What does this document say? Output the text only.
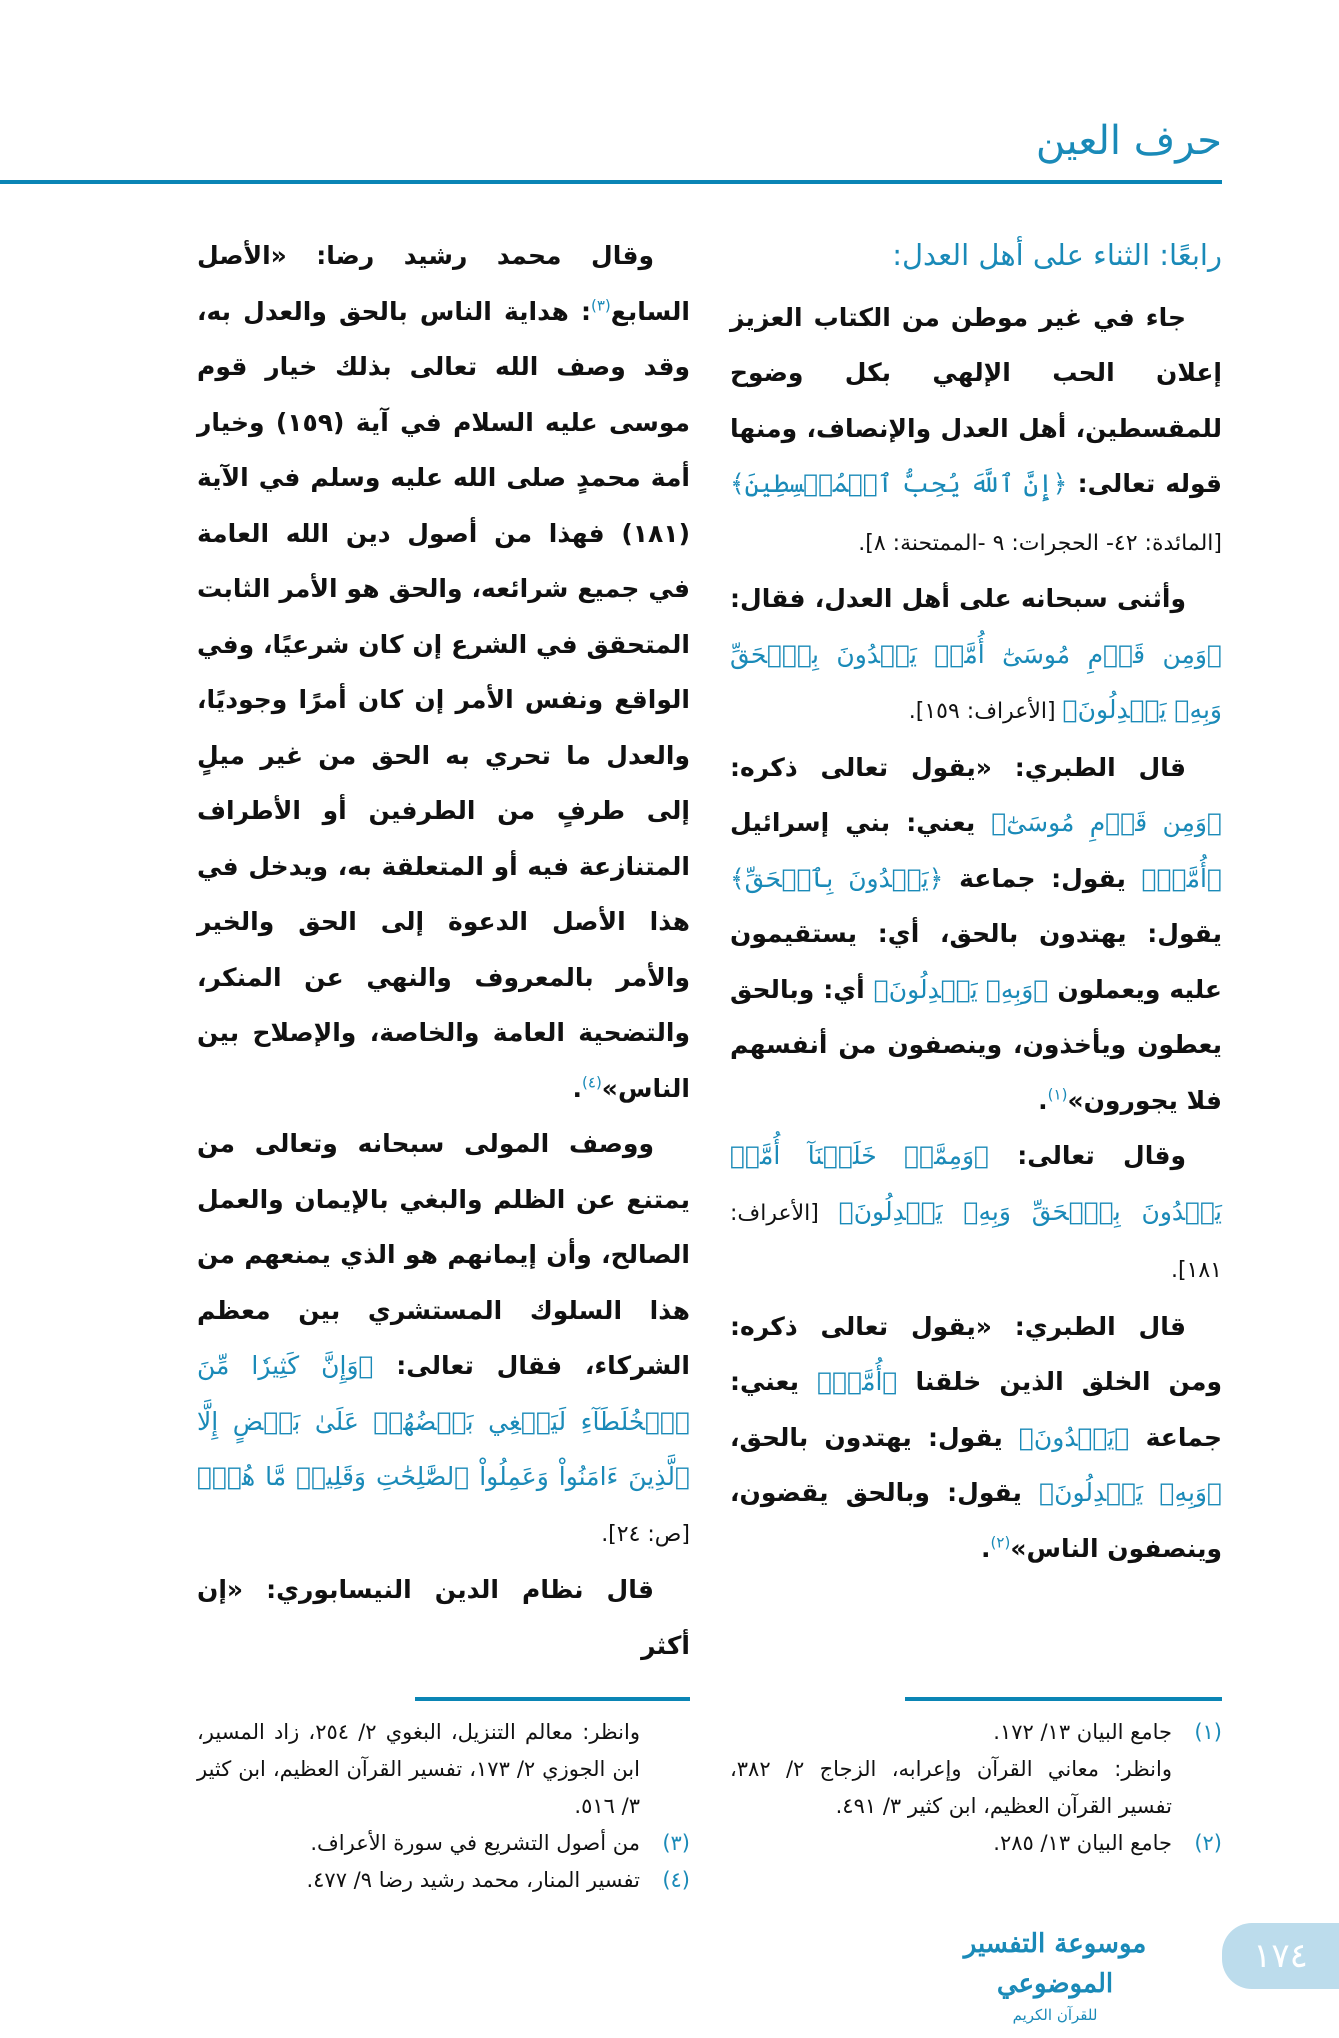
حرف العين

رابعًا: الثناء على أهل العدل:

جاء في غير موطن من الكتاب العزيز إعلان الحب الإلهي بكل وضوح للمقسطين، أهل العدل والإنصاف، ومنها قوله تعالى: ﴿إِنَّ ٱللَّهَ يُحِبُّ ٱلۡمُقۡسِطِينَ﴾ [المائدة: ٤٢- الحجرات: ٩ -الممتحنة: ٨].

وأثنى سبحانه على أهل العدل، فقال: ﴿وَمِن قَوۡمِ مُوسَىٰٓ أُمَّةٞ يَهۡدُونَ بِٱلۡحَقِّ وَبِهِۦ يَعۡدِلُونَ﴾ [الأعراف: ١٥٩].

قال الطبري: «يقول تعالى ذكره: ﴿وَمِن قَوۡمِ مُوسَىٰٓ﴾ يعني: بني إسرائيل ﴿أُمَّةٞ﴾ يقول: جماعة ﴿يَهۡدُونَ بِٱلۡحَقِّ﴾ يقول: يهتدون بالحق، أي: يستقيمون عليه ويعملون ﴿وَبِهِۦ يَعۡدِلُونَ﴾ أي: وبالحق يعطون ويأخذون، وينصفون من أنفسهم فلا يجورون»$^{(١)}$.

وقال تعالى: ﴿وَمِمَّنۡ خَلَقۡنَآ أُمَّةٞ يَهۡدُونَ بِٱلۡحَقِّ وَبِهِۦ يَعۡدِلُونَ﴾ [الأعراف: ١٨١].

قال الطبري: «يقول تعالى ذكره: ومن الخلق الذين خلقنا ﴿أُمَّةٞ﴾ يعني: جماعة ﴿يَهۡدُونَ﴾ يقول: يهتدون بالحق، ﴿وَبِهِۦ يَعۡدِلُونَ﴾ يقول: وبالحق يقضون، وينصفون الناس»$^{(٢)}$.

وقال محمد رشيد رضا: «الأصل السابع$^{(٣)}$: هداية الناس بالحق والعدل به، وقد وصف الله تعالى بذلك خيار قوم موسى عليه السلام في آية (١٥٩) وخيار أمة محمدٍ صلى الله عليه وسلم في الآية (١٨١) فهذا من أصول دين الله العامة في جميع شرائعه، والحق هو الأمر الثابت المتحقق في الشرع إن كان شرعيًا، وفي الواقع ونفس الأمر إن كان أمرًا وجوديًا، والعدل ما تحري به الحق من غير ميلٍ إلى طرفٍ من الطرفين أو الأطراف المتنازعة فيه أو المتعلقة به، ويدخل في هذا الأصل الدعوة إلى الحق والخير والأمر بالمعروف والنهي عن المنكر، والتضحية العامة والخاصة، والإصلاح بين الناس»$^{(٤)}$.

ووصف المولى سبحانه وتعالى من يمتنع عن الظلم والبغي بالإيمان والعمل الصالح، وأن إيمانهم هو الذي يمنعهم من هذا السلوك المستشري بين معظم الشركاء، فقال تعالى: ﴿وَإِنَّ كَثِيرٗا مِّنَ ٱلۡخُلَطَآءِ لَيَبۡغِي بَعۡضُهُمۡ عَلَىٰ بَعۡضٍ إِلَّا ٱلَّذِينَ ءَامَنُواْ وَعَمِلُواْ ٱلصَّٰلِحَٰتِ وَقَلِيلٞ مَّا هُمۡ﴾[ص: ٢٤].

قال نظام الدين النيسابوري: «إن أكثر

(١)
جامع البيان ١٣/ ١٧٢.
وانظر: معاني القرآن وإعرابه، الزجاج ٢/ ٣٨٢، تفسير القرآن العظيم، ابن كثير ٣/ ٤٩١.
(٢)
جامع البيان ١٣/ ٢٨٥.
وانظر: معالم التنزيل، البغوي ٢/ ٢٥٤، زاد المسير، ابن الجوزي ٢/ ١٧٣، تفسير القرآن العظيم، ابن كثير ٣/ ٥١٦.
(٣)
من أصول التشريع في سورة الأعراف.
(٤)
تفسير المنار، محمد رشيد رضا ٩/ ٤٧٧.
موسوعة التفسير الموضوعي
للقرآن الكريم
١٧٤
